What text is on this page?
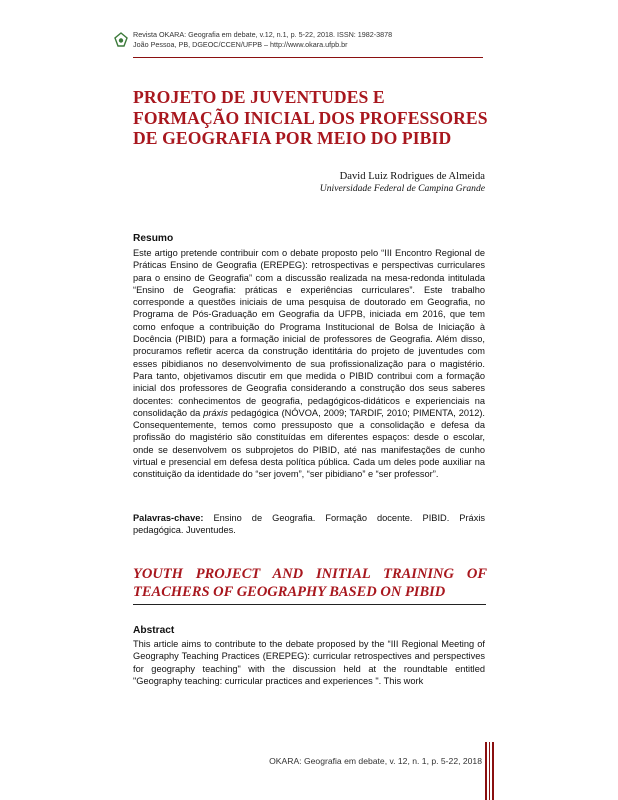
Revista OKARA: Geografia em debate, v.12, n.1, p. 5-22, 2018. ISSN: 1982-3878
João Pessoa, PB, DGEOC/CCEN/UFPB – http://www.okara.ufpb.br
PROJETO DE JUVENTUDES E FORMAÇÃO INICIAL DOS PROFESSORES DE GEOGRAFIA POR MEIO DO PIBID
David Luiz Rodrigues de Almeida
Universidade Federal de Campina Grande
Resumo

Este artigo pretende contribuir com o debate proposto pelo “III Encontro Regional de Práticas Ensino de Geografia (EREPEG): retrospectivas e perspectivas curriculares para o ensino de Geografia” com a discussão realizada na mesa-redonda intitulada “Ensino de Geografia: práticas e experiências curriculares”. Este trabalho corresponde a questões iniciais de uma pesquisa de doutorado em Geografia, no Programa de Pós-Graduação em Geografia da UFPB, iniciada em 2016, que tem como enfoque a contribuição do Programa Institucional de Bolsa de Iniciação à Docência (PIBID) para a formação inicial de professores de Geografia. Além disso, procuramos refletir acerca da construção identitária do projeto de juventudes com esses pibidianos no desenvolvimento de sua profissionalização para o magistério. Para tanto, objetivamos discutir em que medida o PIBID contribui com a formação inicial dos professores de Geografia considerando a construção dos seus saberes docentes: conhecimentos de geografia, pedagógicos-didáticos e experienciais na consolidação da práxis pedagógica (NÓVOA, 2009; TARDIF, 2010; PIMENTA, 2012). Consequentemente, temos como pressuposto que a consolidação e defesa da profissão do magistério são constituídas em diferentes espaços: desde o escolar, onde se desenvolvem os subprojetos do PIBID, até nas manifestações de cunho virtual e presencial em defesa desta política pública. Cada um deles pode auxiliar na constituição da identidade do “ser jovem”, “ser pibidiano” e “ser professor”.

Palavras-chave: Ensino de Geografia. Formação docente. PIBID. Práxis pedagógica. Juventudes.

YOUTH PROJECT AND INITIAL TRAINING OF TEACHERS OF GEOGRAPHY BASED ON PIBID
Abstract

This article aims to contribute to the debate proposed by the “III Regional Meeting of Geography Teaching Practices (EREPEG): curricular retrospectives and perspectives for geography teaching" with the discussion held at the roundtable entitled "Geography teaching: curricular practices and experiences ". This work

OKARA: Geografia em debate, v. 12, n. 1, p. 5-22, 2018
